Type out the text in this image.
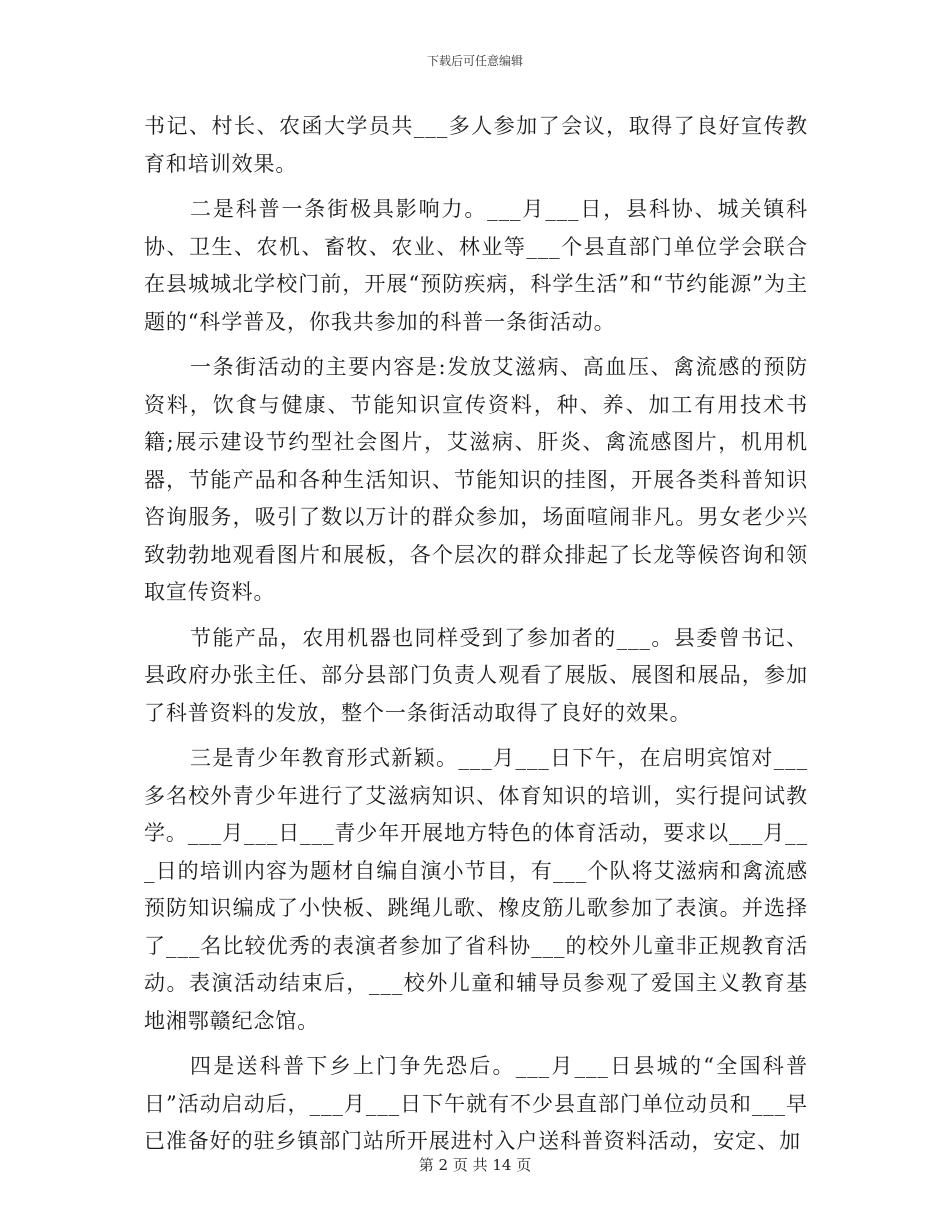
下载后可任意编辑

书记、村长、农函大学员共___多人参加了会议，取得了良好宣传教育和培训效果。

二是科普一条街极具影响力。___月___日，县科协、城关镇科协、卫生、农机、畜牧、农业、林业等___个县直部门单位学会联合在县城城北学校门前，开展“预防疾病，科学生活”和“节约能源”为主题的“科学普及，你我共参加的科普一条街活动。

一条街活动的主要内容是:发放艾滋病、高血压、禽流感的预防资料，饮食与健康、节能知识宣传资料，种、养、加工有用技术书籍;展示建设节约型社会图片，艾滋病、肝炎、禽流感图片，机用机器，节能产品和各种生活知识、节能知识的挂图，开展各类科普知识咨询服务，吸引了数以万计的群众参加，场面喧闹非凡。男女老少兴致勃勃地观看图片和展板，各个层次的群众排起了长龙等候咨询和领取宣传资料。

节能产品，农用机器也同样受到了参加者的___。县委曾书记、县政府办张主任、部分县部门负责人观看了展版、展图和展品，参加了科普资料的发放，整个一条街活动取得了良好的效果。

三是青少年教育形式新颖。___月___日下午，在启明宾馆对___多名校外青少年进行了艾滋病知识、体育知识的培训，实行提问试教学。___月___日___青少年开展地方特色的体育活动，要求以___月___日的培训内容为题材自编自演小节目，有___个队将艾滋病和禽流感预防知识编成了小快板、跳绳儿歌、橡皮筋儿歌参加了表演。并选择了___名比较优秀的表演者参加了省科协___的校外儿童非正规教育活动。表演活动结束后，___校外儿童和辅导员参观了爱国主义教育基地湘鄂赣纪念馆。

四是送科普下乡上门争先恐后。___月___日县城的“全国科普日”活动启动后，___月___日下午就有不少县直部门单位动员和___早已准备好的驻乡镇部门站所开展进村入户送科普资料活动，安定、加

第 2 页 共 14 页
